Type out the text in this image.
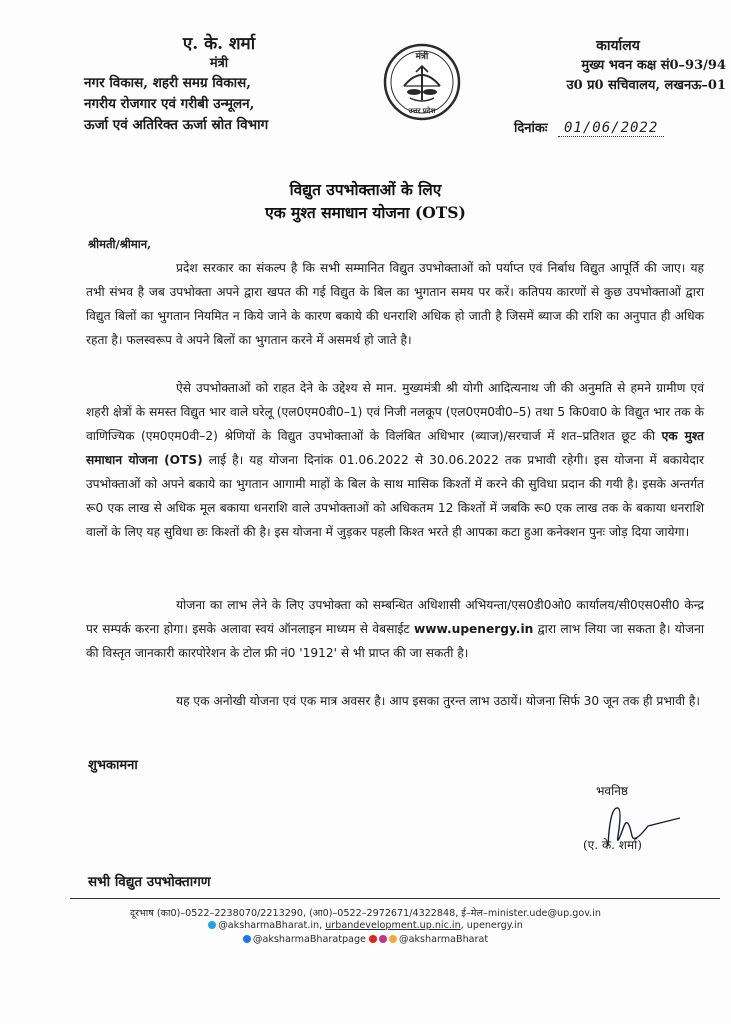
ए. के. शर्मा
मंत्री
नगर विकास, शहरी समग्र विकास,
नगरीय रोजगार एवं गरीबी उन्मूलन,
ऊर्जा एवं अतिरिक्त ऊर्जा स्रोत विभाग
मंत्री
उत्तर प्रदेश
कार्यालय
मुख्य भवन कक्ष सं0–93/94
उ0 प्र0 सचिवालय, लखनऊ–01
दिनांकः 01/06/2022
विद्युत उपभोक्ताओं के लिए
एक मुश्त समाधान योजना (OTS)
श्रीमती/श्रीमान,
प्रदेश सरकार का संकल्प है कि सभी सम्मानित विद्युत उपभोक्ताओं को पर्याप्त एवं निर्बाध विद्युत आपूर्ति की जाए। यह तभी संभव है जब उपभोक्ता अपने द्वारा खपत की गई विद्युत के बिल का भुगतान समय पर करें। कतिपय कारणों से कुछ उपभोक्ताओं द्वारा विद्युत बिलों का भुगतान नियमित न किये जाने के कारण बकाये की धनराशि अधिक हो जाती है जिसमें ब्याज की राशि का अनुपात ही अधिक रहता है। फलस्वरूप वे अपने बिलों का भुगतान करने में असमर्थ हो जाते है।
ऐसे उपभोक्ताओं को राहत देने के उद्देश्य से मान. मुख्यमंत्री श्री योगी आदित्यनाथ जी की अनुमति से हमने ग्रामीण एवं शहरी क्षेत्रों के समस्त विद्युत भार वाले घरेलू (एल0एम0वी0–1) एवं निजी नलकूप (एल0एम0वी0–5) तथा 5 कि0वा0 के विद्युत भार तक के वाणिज्यिक (एम0एम0वी–2) श्रेणियों के विद्युत उपभोक्ताओं के विलंबित अधिभार (ब्याज)/सरचार्ज में शत–प्रतिशत छूट की एक मुश्त समाधान योजना (OTS) लाई है। यह योजना दिनांक 01.06.2022 से 30.06.2022 तक प्रभावी रहेगी। इस योजना में बकायेदार उपभोक्ताओं को अपने बकाये का भुगतान आगामी माहों के बिल के साथ मासिक किश्तों में करने की सुविधा प्रदान की गयी है। इसके अन्तर्गत रू0 एक लाख से अधिक मूल बकाया धनराशि वाले उपभोक्ताओं को अधिकतम 12 किश्तों में जबकि रू0 एक लाख तक के बकाया धनराशि वालों के लिए यह सुविधा छः किश्तों की है। इस योजना में जुड़कर पहली किश्त भरते ही आपका कटा हुआ कनेक्शन पुनः जोड़ दिया जायेगा।
योजना का लाभ लेने के लिए उपभोक्ता को सम्बन्धित अधिशासी अभियन्ता/एस0डी0ओ0 कार्यालय/सी0एस0सी0 केन्द्र पर सम्पर्क करना होगा। इसके अलावा स्वयं ऑनलाइन माध्यम से वेबसाईट www.upenergy.in द्वारा लाभ लिया जा सकता है। योजना की विस्तृत जानकारी कारपोरेशन के टोल फ्री नं0 '1912' से भी प्राप्त की जा सकती है।
यह एक अनोखी योजना एवं एक मात्र अवसर है। आप इसका तुरन्त लाभ उठायें। योजना सिर्फ 30 जून तक ही प्रभावी है।
शुभकामना
भवनिष्ठ
(ए. के. शर्मा)
सभी विद्युत उपभोक्तागण
दूरभाष (का0)–0522–2238070/2213290, (आ0)–0522–2972671/4322848, ई–मेल–minister.ude@up.gov.in
@aksharmaBharat.in, urbandevelopment.up.nic.in, upenergy.in
@aksharmaBharatpage	@aksharmaBharat
